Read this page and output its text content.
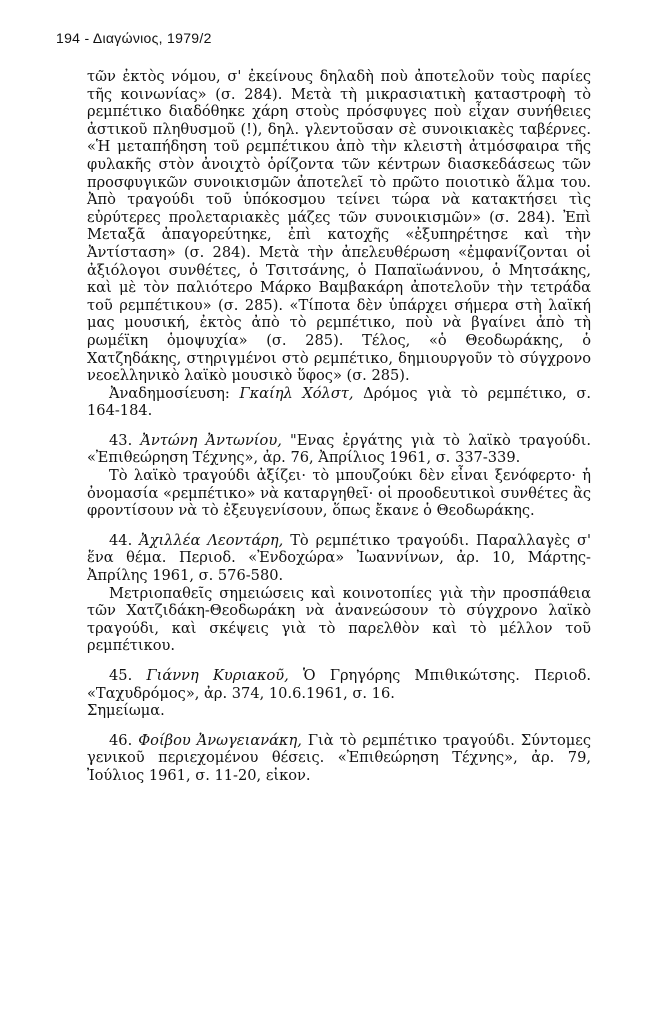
194 - Διαγώνιος, 1979/2

τῶν ἐκτὸς νόμου, σ' ἐκείνους δηλαδὴ ποὺ ἀποτελοῦν τοὺς παρίες τῆς κοινωνίας» (σ. 284). Μετὰ τὴ μικρασιατικὴ καταστροφὴ τὸ ρεμπέτικο διαδόθηκε χάρη στοὺς πρόσφυγες ποὺ εἶχαν συνήθειες ἀστικοῦ πληθυσμοῦ (!), δηλ. γλεντοῦσαν σὲ συνοικιακὲς ταβέρνες. «Ἡ μεταπήδηση τοῦ ρεμπέτικου ἀπὸ τὴν κλειστὴ ἀτμόσφαιρα τῆς φυλακῆς στὸν ἀνοιχτὸ ὁρίζοντα τῶν κέντρων διασκεδάσεως τῶν προσφυγικῶν συνοικισμῶν ἀποτελεῖ τὸ πρῶτο ποιοτικὸ ἅλμα του. Ἀπὸ τραγούδι τοῦ ὑπόκοσμου τείνει τώρα νὰ κατακτήσει τὶς εὐρύτερες προλεταριακὲς μάζες τῶν συνοικισμῶν» (σ. 284). Ἐπὶ Μεταξᾶ ἀπαγορεύτηκε, ἐπὶ κατοχῆς «ἐξυπηρέτησε καὶ τὴν Ἀντίσταση» (σ. 284). Μετὰ τὴν ἀπελευθέρωση «ἐμφανίζονται οἱ ἀξιόλογοι συνθέτες, ὁ Τσιτσάνης, ὁ Παπαϊωάννου, ὁ Μητσάκης, καὶ μὲ τὸν παλιότερο Μάρκο Βαμβακάρη ἀποτελοῦν τὴν τετράδα τοῦ ρεμπέτικου» (σ. 285). «Τίποτα δὲν ὑπάρχει σήμερα στὴ λαϊκή μας μουσική, ἐκτὸς ἀπὸ τὸ ρεμπέτικο, ποὺ νὰ βγαίνει ἀπὸ τὴ ρωμέϊκη ὁμοψυχία» (σ. 285). Τέλος, «ὁ Θεοδωράκης, ὁ Χατζηδάκης, στηριγμένοι στὸ ρεμπέτικο, δημιουργοῦν τὸ σύγχρονο νεοελληνικὸ λαϊκὸ μουσικὸ ὕφος» (σ. 285).

Ἀναδημοσίευση: Γκαίηλ Χόλστ, Δρόμος γιὰ τὸ ρεμπέτικο, σ. 164-184.

43. Ἀντώνη Ἀντωνίου, "Ενας ἐργάτης γιὰ τὸ λαϊκὸ τραγούδι. «Ἐπιθεώρηση Τέχνης», ἀρ. 76, Ἀπρίλιος 1961, σ. 337-339.

Τὸ λαϊκὸ τραγούδι ἀξίζει· τὸ μπουζούκι δὲν εἶναι ξενόφερτο· ἡ ὀνομασία «ρεμπέτικο» νὰ καταργηθεῖ· οἱ προοδευτικοὶ συνθέτες ἂς φροντίσουν νὰ τὸ ἐξευγενίσουν, ὅπως ἔκανε ὁ Θεοδωράκης.

44. Ἀχιλλέα Λεοντάρη, Τὸ ρεμπέτικο τραγούδι. Παραλλαγὲς σ' ἕνα θέμα. Περιοδ. «Ἐνδοχώρα» Ἰωαννίνων, ἀρ. 10, Μάρτης-Ἀπρίλης 1961, σ. 576-580.

Μετριοπαθεῖς σημειώσεις καὶ κοινοτοπίες γιὰ τὴν προσπάθεια τῶν Χατζιδάκη-Θεοδωράκη νὰ ἀνανεώσουν τὸ σύγχρονο λαϊκὸ τραγούδι, καὶ σκέψεις γιὰ τὸ παρελθὸν καὶ τὸ μέλλον τοῦ ρεμπέτικου.

45. Γιάννη Κυριακοῦ, Ὁ Γρηγόρης Μπιθικώτσης. Περιοδ. «Ταχυδρόμος», ἀρ. 374, 10.6.1961, σ. 16.

Σημείωμα.

46. Φοίβου Ἀνωγειανάκη, Γιὰ τὸ ρεμπέτικο τραγούδι. Σύντομες γενικοῦ περιεχομένου θέσεις. «Ἐπιθεώρηση Τέχνης», ἀρ. 79, Ἰούλιος 1961, σ. 11-20, εἰκον.
